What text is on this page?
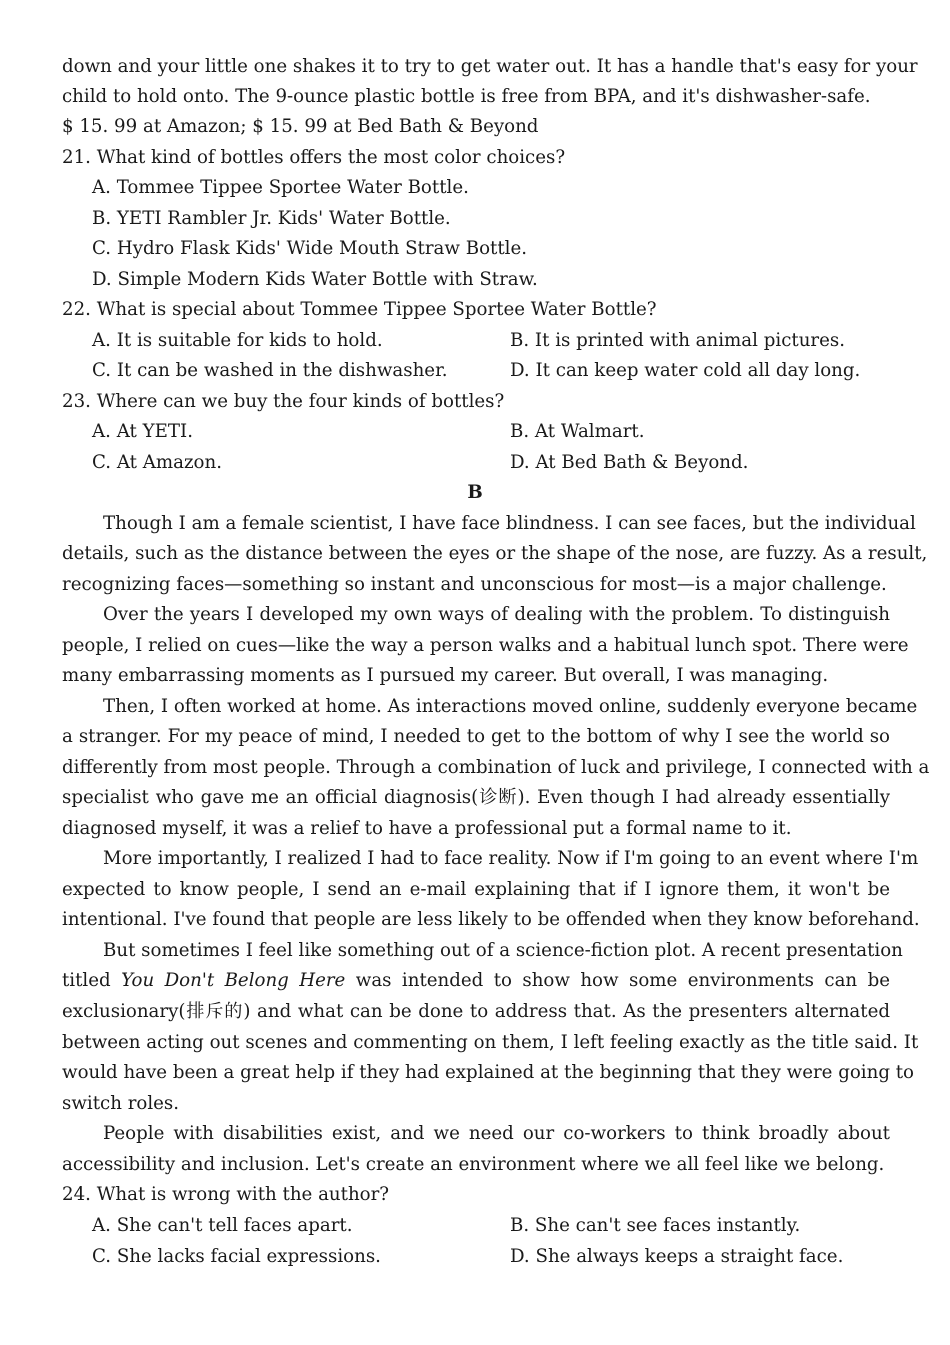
down and your little one shakes it to try to get water out. It has a handle that's easy for your
child to hold onto. The 9-ounce plastic bottle is free from BPA, and it's dishwasher-safe.
$ 15. 99 at Amazon; $ 15. 99 at Bed Bath & Beyond
21. What kind of bottles offers the most color choices?
A. Tommee Tippee Sportee Water Bottle.
B. YETI Rambler Jr. Kids' Water Bottle.
C. Hydro Flask Kids' Wide Mouth Straw Bottle.
D. Simple Modern Kids Water Bottle with Straw.
22. What is special about Tommee Tippee Sportee Water Bottle?
A. It is suitable for kids to hold.	B. It is printed with animal pictures.
C. It can be washed in the dishwasher.	D. It can keep water cold all day long.
23. Where can we buy the four kinds of bottles?
A. At YETI.	B. At Walmart.
C. At Amazon.	D. At Bed Bath & Beyond.
B
Though I am a female scientist, I have face blindness. I can see faces, but the individual
details, such as the distance between the eyes or the shape of the nose, are fuzzy. As a result,
recognizing faces—something so instant and unconscious for most—is a major challenge.
Over the years I developed my own ways of dealing with the problem. To distinguish
people, I relied on cues—like the way a person walks and a habitual lunch spot. There were
many embarrassing moments as I pursued my career. But overall, I was managing.
Then, I often worked at home. As interactions moved online, suddenly everyone became
a stranger. For my peace of mind, I needed to get to the bottom of why I see the world so
differently from most people. Through a combination of luck and privilege, I connected with a
specialist who gave me an official diagnosis(诊断). Even though I had already essentially
diagnosed myself, it was a relief to have a professional put a formal name to it.
More importantly, I realized I had to face reality. Now if I'm going to an event where I'm
expected to know people, I send an e-mail explaining that if I ignore them, it won't be
intentional. I've found that people are less likely to be offended when they know beforehand.
But sometimes I feel like something out of a science-fiction plot. A recent presentation
titled You Don't Belong Here was intended to show how some environments can be
exclusionary(排斥的) and what can be done to address that. As the presenters alternated
between acting out scenes and commenting on them, I left feeling exactly as the title said. It
would have been a great help if they had explained at the beginning that they were going to
switch roles.
People with disabilities exist, and we need our co-workers to think broadly about
accessibility and inclusion. Let's create an environment where we all feel like we belong.
24. What is wrong with the author?
A. She can't tell faces apart.	B. She can't see faces instantly.
C. She lacks facial expressions.	D. She always keeps a straight face.
